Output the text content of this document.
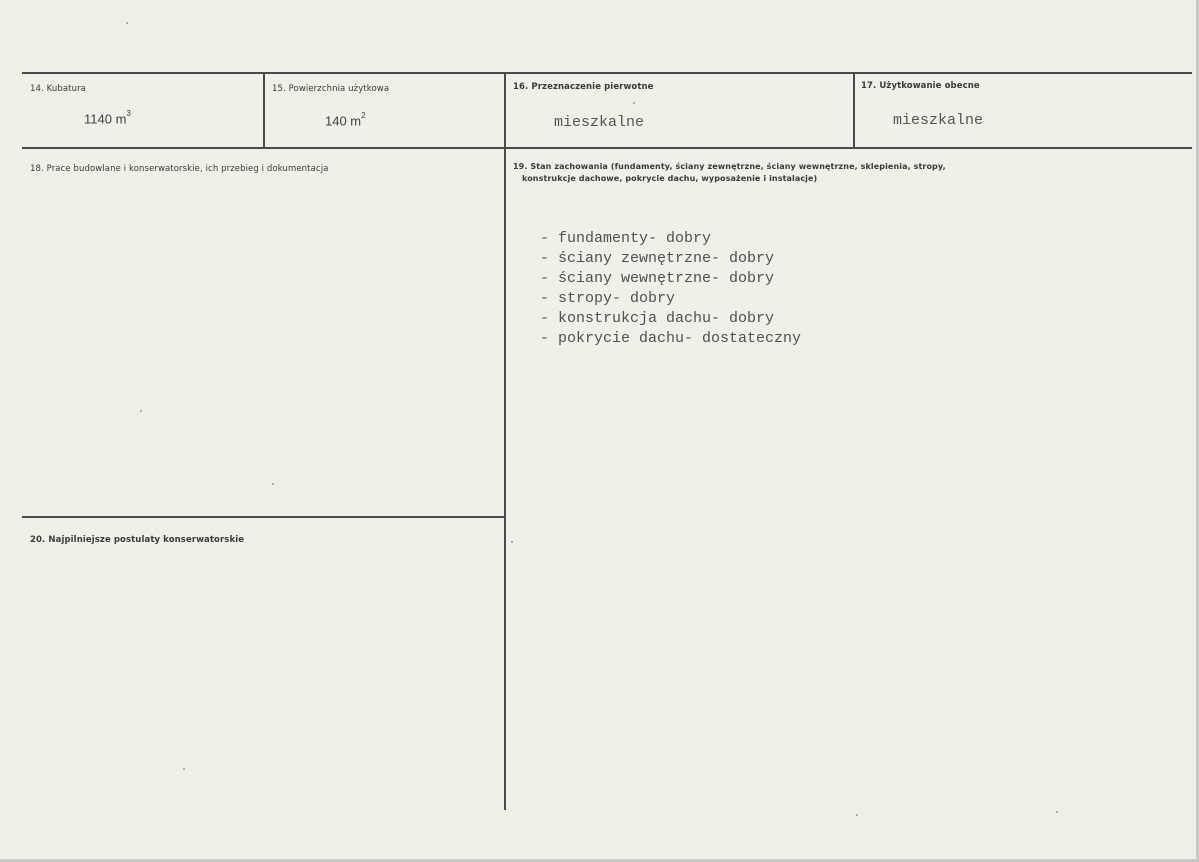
14. Kubatura
1140 $m^3$
15. Powierzchnia użytkowa
140 $m^2$
16. Przeznaczenie pierwotne
mieszkalne
17. Użytkowanie obecne
mieszkalne
18. Prace budowlane i konserwatorskie, ich przebieg i dokumentacja	19. Stan zachowania (fundamenty, ściany zewnętrzne, ściany wewnętrzne, sklepienia, stropy,
konstrukcje dachowe, pokrycie dachu, wyposażenie i instalacje)
- fundamenty- dobry
- ściany zewnętrzne- dobry
- ściany wewnętrzne- dobry
- stropy- dobry
- konstrukcja dachu- dobry
- pokrycie dachu- dostateczny
20. Najpilniejsze postulaty konserwatorskie
